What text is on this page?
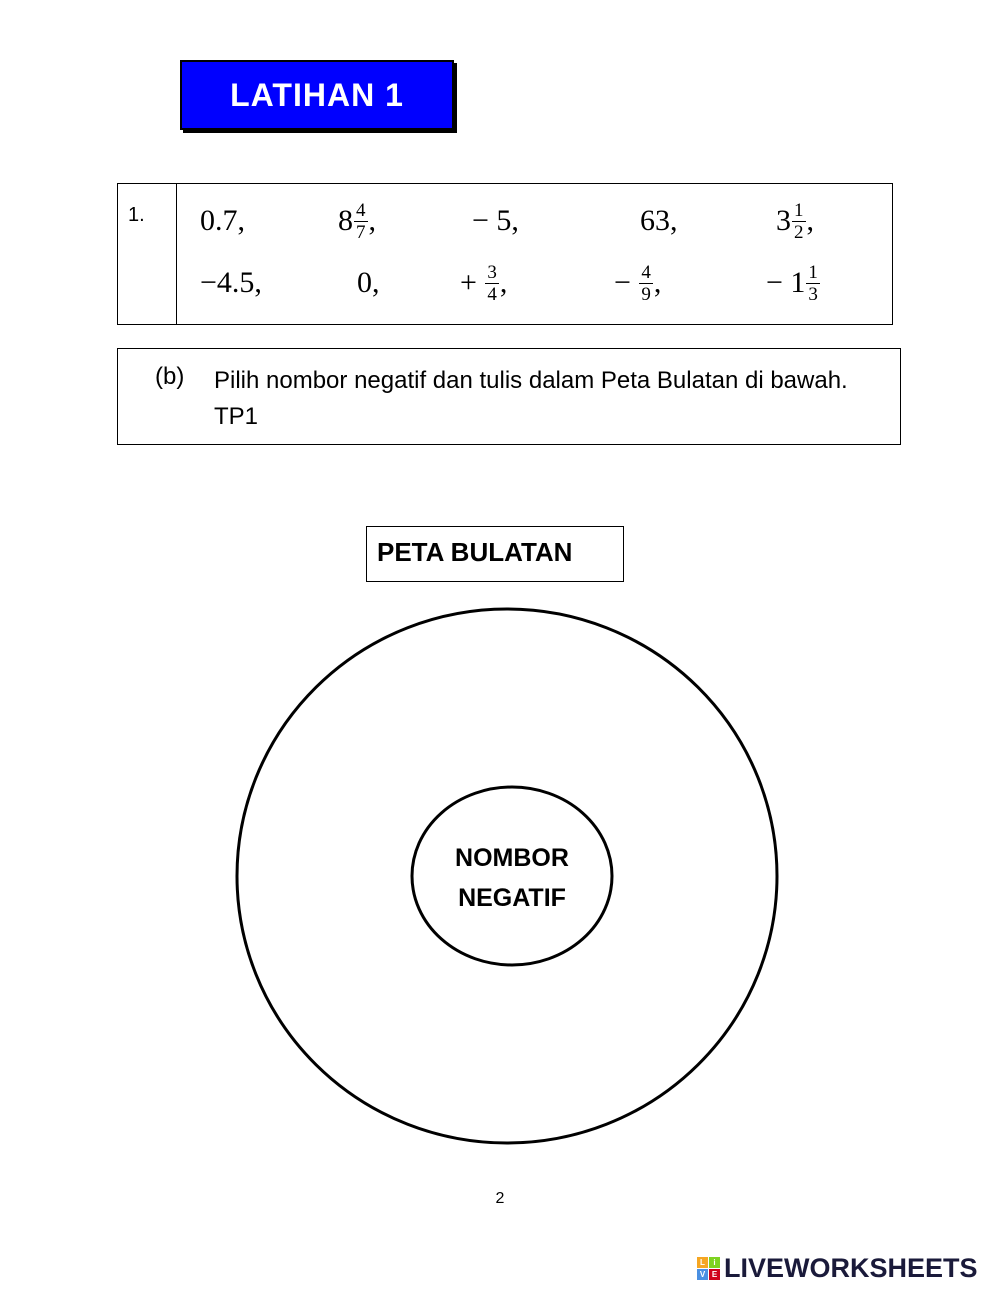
LATIHAN 1
1. 0.7,	$8 \frac{4}{7}$ ,	− 5,	63,	$3 \frac{1}{2}$ ,
−4.5,	0,	+ $\frac{3}{4}$ ,	− $\frac{4}{9}$ ,	− $1 \frac{1}{3}$
(b) Pilih nombor negatif dan tulis dalam Peta Bulatan di bawah. TP1
PETA BULATAN
NOMBOR
NEGATIF
2
L	i
V E LIVEWORKSHEETS
